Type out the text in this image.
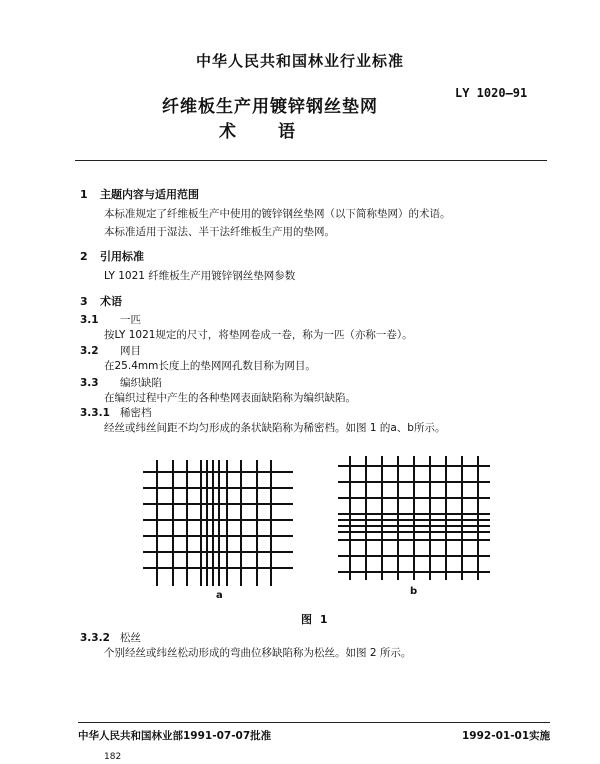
中华人民共和国林业行业标准
LY 1020—91
纤维板生产用镀锌钢丝垫网
术语
1 主题内容与适用范围
本标准规定了纤维板生产中使用的镀锌钢丝垫网（以下简称垫网）的术语。
本标准适用于湿法、半干法纤维板生产用的垫网。
2 引用标准
LY 1021 纤维板生产用镀锌钢丝垫网参数
3 术语
3.1 一匹
按LY 1021规定的尺寸，将垫网卷成一卷，称为一匹（亦称一卷）。
3.2 网目
在25.4mm长度上的垫网网孔数目称为网目。
3.3 编织缺陷
在编织过程中产生的各种垫网表面缺陷称为编织缺陷。
3.3.1 稀密档
经丝或纬丝间距不均匀形成的条状缺陷称为稀密档。如图 1 的a、b所示。
a	b
图 1
3.3.2 松丝
个别经丝或纬丝松动形成的弯曲位移缺陷称为松丝。如图 2 所示。
中华人民共和国林业部1991-07-07批准	1992-01-01实施
182
